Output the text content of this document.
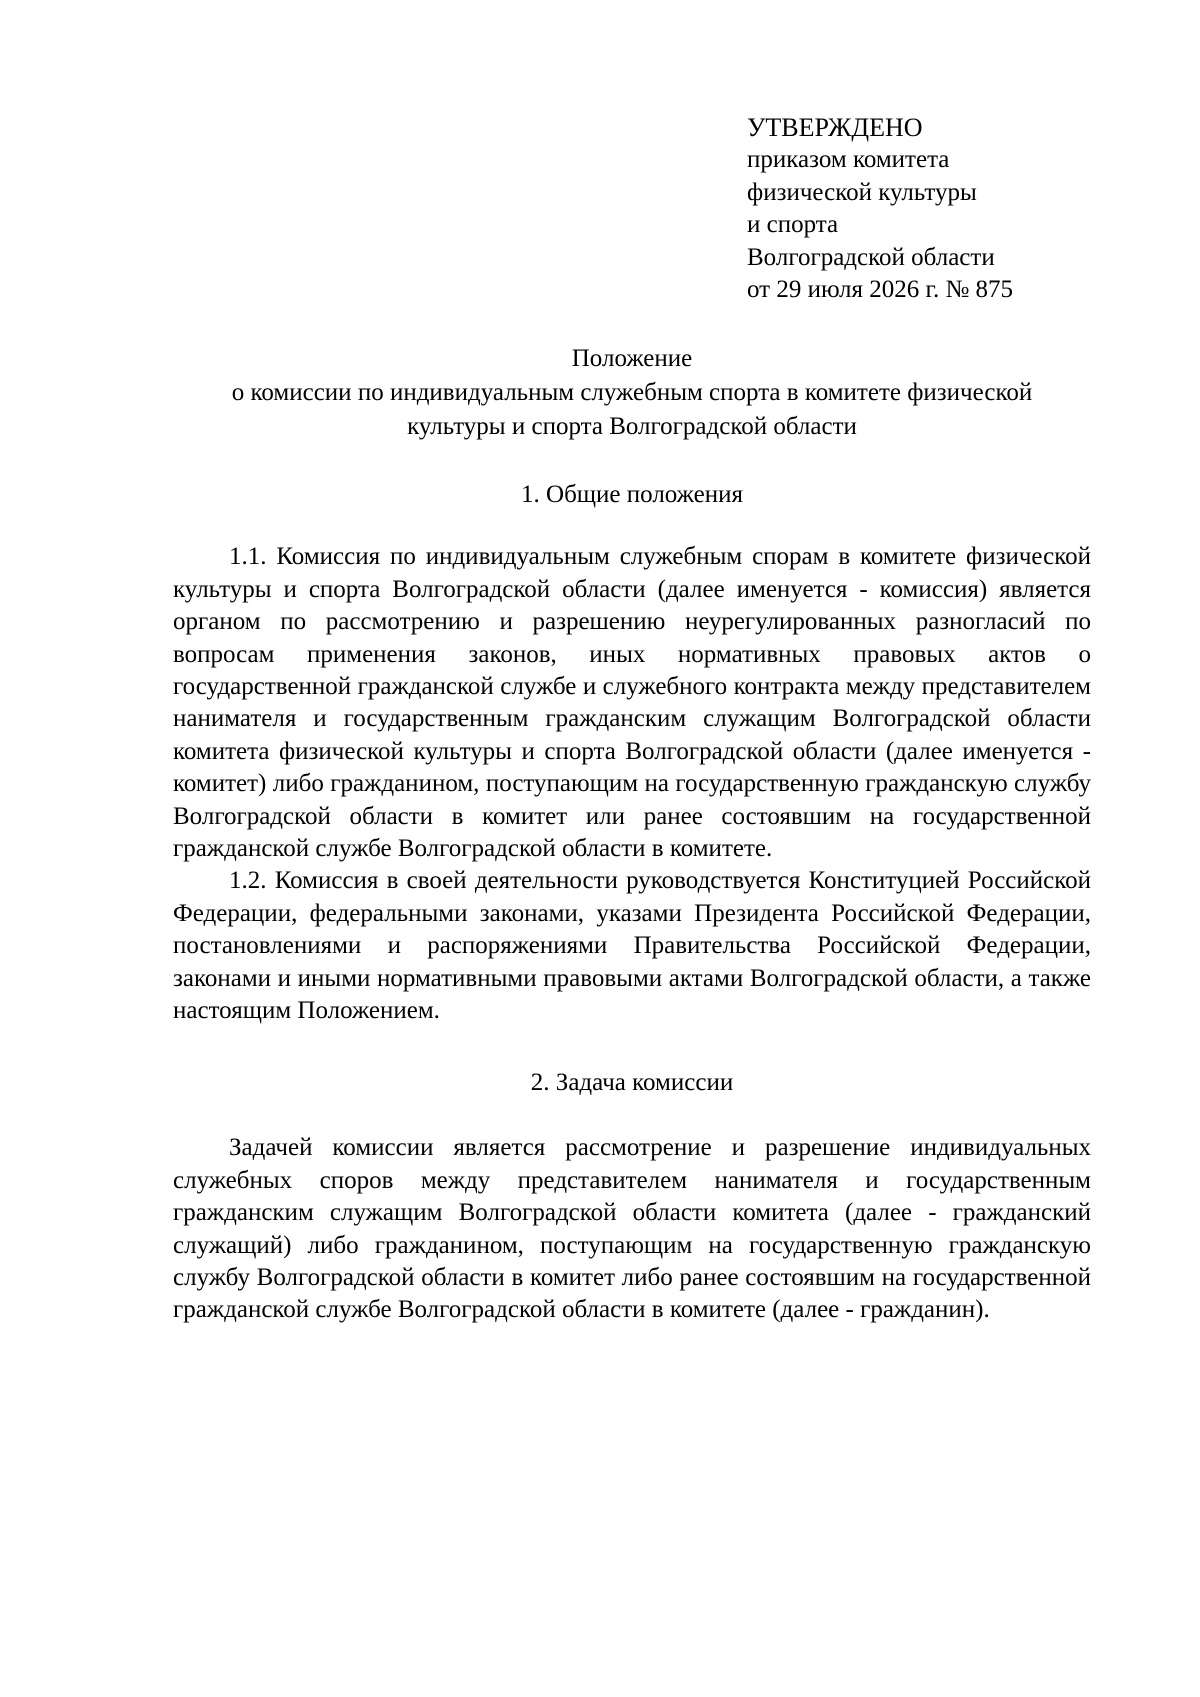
УТВЕРЖДЕНО
приказом комитета
физической культуры
и спорта
Волгоградской области
от 29 июля 2026 г. № 875
Положение
о комиссии по индивидуальным служебным спорта в комитете физической
культуры и спорта Волгоградской области
1. Общие положения

1.1. Комиссия по индивидуальным служебным спорам в комитете физической культуры и спорта Волгоградской области (далее именуется - комиссия) является органом по рассмотрению и разрешению неурегулированных разногласий по вопросам применения законов, иных нормативных правовых актов о государственной гражданской службе и служебного контракта между представителем нанимателя и государственным гражданским служащим Волгоградской области комитета физической культуры и спорта Волгоградской области (далее именуется - комитет) либо гражданином, поступающим на государственную гражданскую службу Волгоградской области в комитет или ранее состоявшим на государственной гражданской службе Волгоградской области в комитете.

1.2. Комиссия в своей деятельности руководствуется Конституцией Российской Федерации, федеральными законами, указами Президента Российской Федерации, постановлениями и распоряжениями Правительства Российской Федерации, законами и иными нормативными правовыми актами Волгоградской области, а также настоящим Положением.

2. Задача комиссии

Задачей комиссии является рассмотрение и разрешение индивидуальных служебных споров между представителем нанимателя и государственным гражданским служащим Волгоградской области комитета (далее - гражданский служащий) либо гражданином, поступающим на государственную гражданскую службу Волгоградской области в комитет либо ранее состоявшим на государственной гражданской службе Волгоградской области в комитете (далее - гражданин).
